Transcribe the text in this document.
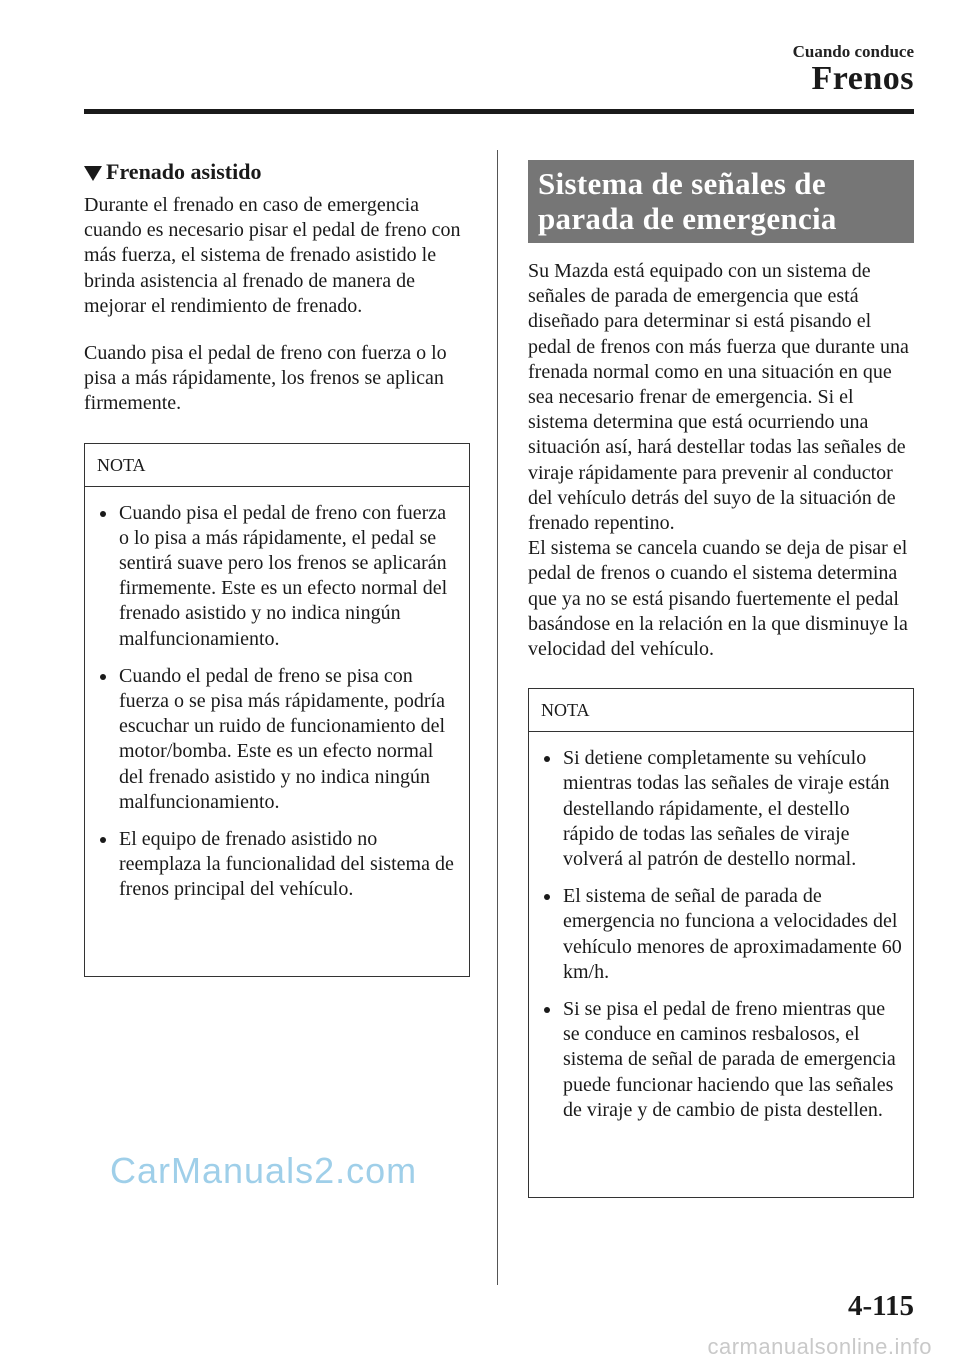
Cuando conduce
Frenos
Frenado asistido

Durante el frenado en caso de emergencia cuando es necesario pisar el pedal de freno con más fuerza, el sistema de frenado asistido le brinda asistencia al frenado de manera de mejorar el rendimiento de frenado.

Cuando pisa el pedal de freno con fuerza o lo pisa a más rápidamente, los frenos se aplican firmemente.

NOTA
Cuando pisa el pedal de freno con fuerza o lo pisa a más rápidamente, el pedal se sentirá suave pero los frenos se aplicarán firmemente. Este es un efecto normal del frenado asistido y no indica ningún malfuncionamiento.
Cuando el pedal de freno se pisa con fuerza o se pisa más rápidamente, podría escuchar un ruido de funcionamiento del motor/bomba. Este es un efecto normal del frenado asistido y no indica ningún malfuncionamiento.
El equipo de frenado asistido no reemplaza la funcionalidad del sistema de frenos principal del vehículo.
Sistema de señales de parada de emergencia

Su Mazda está equipado con un sistema de señales de parada de emergencia que está diseñado para determinar si está pisando el pedal de frenos con más fuerza que durante una frenada normal como en una situación en que sea necesario frenar de emergencia. Si el sistema determina que está ocurriendo una situación así, hará destellar todas las señales de viraje rápidamente para prevenir al conductor del vehículo detrás del suyo de la situación de frenado repentino.

El sistema se cancela cuando se deja de pisar el pedal de frenos o cuando el sistema determina que ya no se está pisando fuertemente el pedal basándose en la relación en la que disminuye la velocidad del vehículo.

NOTA
Si detiene completamente su vehículo mientras todas las señales de viraje están destellando rápidamente, el destello rápido de todas las señales de viraje volverá al patrón de destello normal.
El sistema de señal de parada de emergencia no funciona a velocidades del vehículo menores de aproximadamente 60 km/h.
Si se pisa el pedal de freno mientras que se conduce en caminos resbalosos, el sistema de señal de parada de emergencia puede funcionar haciendo que las señales de viraje y de cambio de pista destellen.
CarManuals2.com
4-115
carmanualsonline.info
